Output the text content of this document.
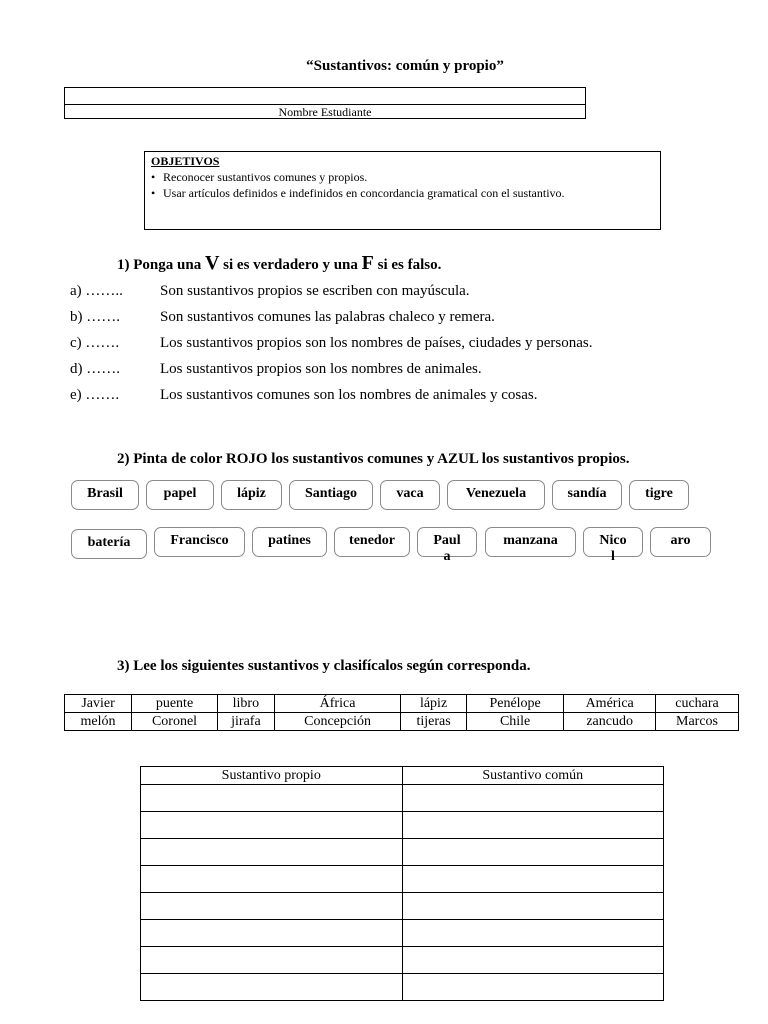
“Sustantivos: común y propio”
Nombre Estudiante
OBJETIVOS
• Reconocer sustantivos comunes y propios.
• Usar artículos definidos e indefinidos en concordancia gramatical con el sustantivo.
1) Ponga una V si es verdadero y una F si es falso.
a) …….. Son sustantivos propios se escriben con mayúscula.
b) …….	Son sustantivos comunes las palabras chaleco y remera.
c) …….	Los sustantivos propios son los nombres de países, ciudades y personas.
d) …….	Los sustantivos propios son los nombres de animales.
e) …….	Los sustantivos comunes son los nombres de animales y cosas.
2) Pinta de color ROJO los sustantivos comunes y AZUL los sustantivos propios.
Brasil	papel	lápiz	Santiago	vaca	Venezuela	sandía	tigre
batería	Francisco	patines	tenedor	Paul a
manzana	Nico l
aro
3) Lee los siguientes sustantivos y clasifícalos según corresponda.
Javier	puente	libro	África	lápiz	Penélope	América	cuchara
melón	Coronel	jirafa	Concepción	tijeras	Chile	zancudo	Marcos
Sustantivo propio	Sustantivo común
